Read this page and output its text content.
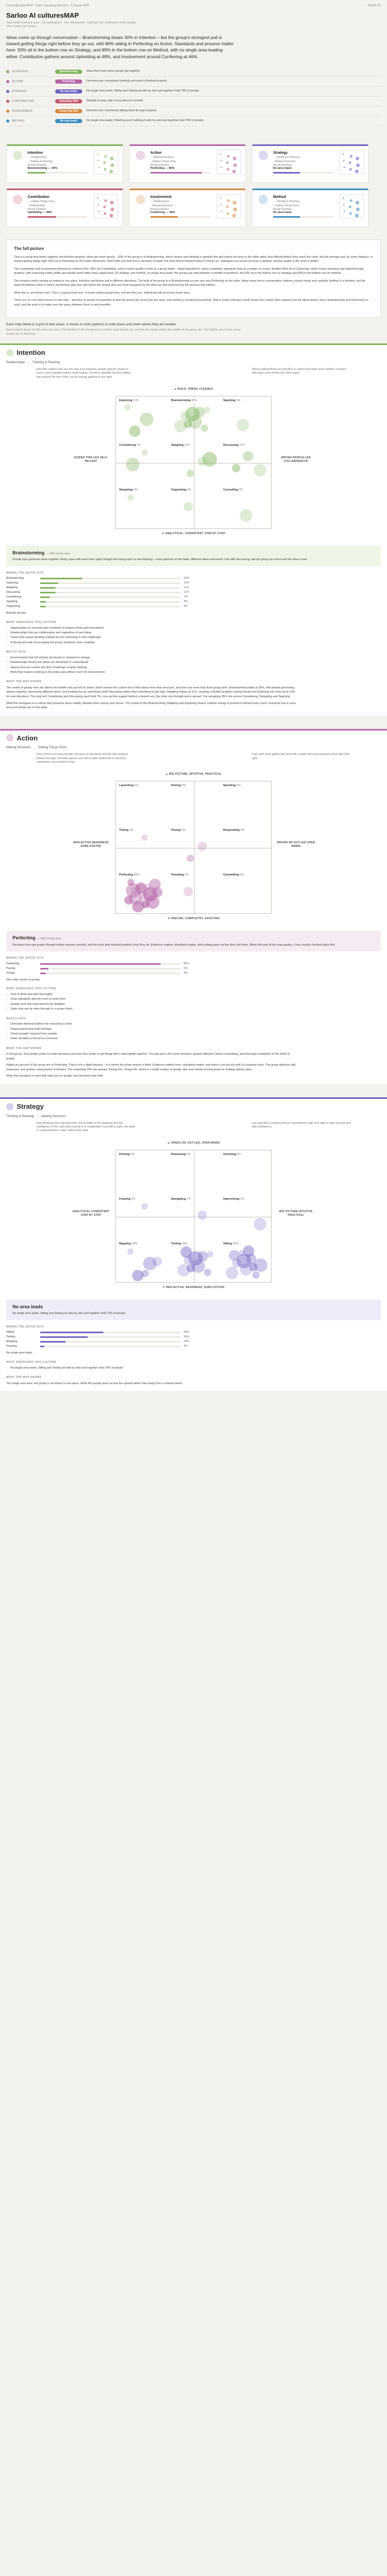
Sharon@cultureMAP · Team Operating Narrative · 8 August 2025	RESULTS
Sarloo AI culturesMAP
Team-wide tendency scan · 116 participants · four dimensions · built from the conference of the people
View Guide Full Survey
Ideas come up through conversation – Brainstorming draws 30% in Intention – but the group's strongest pull is toward getting things right before they go out, with 86% sitting in Perfecting on Action. Standards and process matter here: 93% sit in the bottom row on Strategy, and 89% in the bottom row on Method, with no single area leading either. Contribution gathers around Upholding at 48%, and Involvement around Conferring at 46%.
INTENTION	Brainstorming	Ideas flow freely when people get together
ACTION	Perfecting	Decisions are considered carefully and work is finished properly
STRATEGY	No area leads	No single area leads; Sifting and Testing sit side by side and together hold 79% of people
CONTRIBUTION	Upholding 48%	Steadily to keep high on excellence's benefit
INVOLVEMENT	Conferring 46%	Decisions are reached by talking them through properly
METHOD	No area leads	No single area leads; Polishing and Crafting sit side by side and together hold 79% of people
Intention
↔ Relationships
↕ Thinking & Planning
Result summary
Brainstorming — 30%
Action
↔ Making Decisions
↕ Getting Things Done
Result summary
Perfecting — 86%
Strategy
↔ Thinking & Planning
↕ Making Decisions
Result summary
No area leads
Contribution
↔ Getting Things Done
↕ Relationships
Result summary
Upholding — 48%
Involvement
↔ Relationships
↕ Making Decisions
Result summary
Conferring — 46%
Method
↔ Thinking & Planning
↕ Getting Things Done
Result summary
No area leads
The full picture

This is a group that thinks together and finishes properly. Ideas get aired openly – 30% of the group is in Brainstorming, which means new thinking is sparked live and tested out loud on the table rather than filtered before they reach the room. But the stronger pull, by some distance, is toward getting things right: 86% sit in Perfecting on the action dimension, which tells you that once a decision is made, the work will be finished before it moves on. Standards are sound, process is applied, and the quality of the work is visible.

The contribution and involvement dimensions reinforce this: 48% sit in Upholding, which means quality is held as a group belief – detail attended to, tasks completed, standards kept as a matter of course. Another 46% sit in Conferring, which means decisions get talked through properly, with reasoning made visible and doubts aired rather than suppressed. On strategy and method, no single area leads: the groups are split between a handful of positions, but 93% sit in the bottom row on strategy and 89% in the bottom row on method.

The tensions worth naming sit mainly in one place: Intention and Action pull in different directions. The bulk of the group is in Brainstorming on one axis and Perfecting on the other. Ideas move fast in conversation; delivery moves slowly and carefully. Neither is a problem, but the hand-off between them is where momentum gets lost, and where the people who are most energised by the idea can feel held back by the process that follows.

What this is, and what it isn't. This is a group-level lens. It shows where people lean, not who they are. Individuals will sit across every area.

There are no core blind corners in this map – attention is spread in proportion to how the group sits across the two axes, and nothing is avoided beyond that. That is worth noticing in itself: teams this careful often squeeze out the ideas phase. Here, Brainstorming and Perfecting co-exist, and the work is to make sure the space between them is well-travelled.

Each map below is a grid of nine areas. It shows in-room patterns in solid areas and lower where they are weaker.
Every map is drawn on the same two axes. The shadow in the background is where most people are, and the dot shows where the middle of the group sits. The bubble size is how many people are in that area.
Intention
Relationships ↔ Thinking & Planning
How this culture sets out: the way it an between people and the shape of every curve together before work begins. Crowd is appetite and the talking has earned the top of this, social energy gathers to the right.
Where talking flows out and fill in a culture that learn from neither. It begins with open eyes before the work starts.
▲ BUILD, FRESH, FLEXIBLE
▼ ANALYTICAL, CONSISTENT, STEP BY STEP
GUIDED THIN LED SELF-RELIANT
DRIVEN PEOPLE-LED COLLABORATIVE
Exploring 13%	Brainstorming 30%	Sparking 4%
Considering 7%	Adapting 11%	Discussing 11%
Steadying 2%	Organising 4%	Consulting 2%
Brainstorming — 30% of the view

People here generate ideas together. Being open with each other spills straight into being open to new thinking – most opinions on the table, different views welcomed. Like with discussing, talk the group at a more and the ideas cross.

WHERE THE GROUP SITS
Brainstorming	30%
Exploring	13%
Adapting	11%
Discussing	11%
Considering	7%
Sparking	4%
Organising	4%
Broadly spread
WHAT ENERGISES THIS CULTURE
• Opportunities to innovate and contribute to progress that push boundaries
• Relationships that are collaborative and supportive of next ideas
• Teams that reason thinking outside the box and bring in new challenges
• A strong and safe encouraging the group, produces more creativity
WATCH OUTS
• Environments that left entirely structured or resistant to change
• Relationships where new ideas are dismissed or undervalued
• Spaces that are routine and don't challenge creative thinking
• Work that requires sticking to the status quo without room for improvement
WHAT THE MAP SHOWS
The centre of gravity here sits above the middle and just left of centre, which means this culture led in their ideas more than structure, and from see more than from group point. Brainstorming leads at 30%, with people generating options together, welcoming different views, and treating live an something worth discussing rather than something to get right. Adapting follows at 11%, showing a flexible problem solving streak and Exploring sits close by at 13% for new directions. The long tail: Considering and Discussing each hold 7%, nice put the support behind a shared rest, the other end through and a spread. The remaining 35% sits across Considering, Steadying and Sparking.
What this energises is a culture that produces ideas readily, debates them openly and moves. The sprawl of the Brainstorming, Adapting and Exploring means creative energy is present in almost every room. Everyone has a voice and most things are on the table.
Action
Making Decisions ↔ Getting Things Done
How choices become results: the pace of decisions and the way delivery follows through. Decision speed runs left to right, deliberate to decisive; completion rises bottom to top.
Care gets work gather last and bulk: results-led and experience find right and right.
▲ BIG PICTURE, INTUITIVE, PRACTICAL
▼ PRECISE, COMPLETIST, EXACTING
REFLECTIVE READINESS SURE-FOOTED
DRIVEN ON OUT-LED OPEN MINDS
Launching 0%	Driving 0%	Sprinting 0%
Timing 4%	Pacing 6%	Responding 0%
Perfecting 86%	Finishing 2%	Committing 0%
Perfecting — 86% of this view

Decisions here get proper thought before anyone commits, and the work gets finished properly once they do. Evidence matters, standards matter, and nothing goes out the door half done. When this part of the map speaks, it has usually checked twice first.

WHERE THE GROUP SITS
Perfecting	86%
Pacing	6%
Timing	4%
One clear centre of gravity
WHAT ENERGISES THIS CULTURE
• Time to think and plan thoroughly
• Clear standards and the room to meet them
• Quality work that lasts beyond the deadline
• Tasks that can be seen through to a proper finish
WATCH OUTS
• Demands delivered before the reasoning is done
• Requirements that shift mid-task
• 'Good enough' imposed from outside
• Roles decided or forced at a moment
WHAT THE MAP SHOWS
In this group, 3xxt people prefer to make decisions and how they prefer to get things done stand tightly together. The bad pull is the same direction: toward reflective, before committing, and thorough completion to the finish of quality.
Eighty-six percent of this group are in Perfecting. That is not a slight balance – it is where the whole picture is tilted. Evidence matters here, standards matter, and work is not put out until it is properly done. The group distrusts half-measures, and pushes, and practice of finishes. The remaining 14% are spread: Pacing 6%, Timing 4%, which is a small number of people who lean toward moving faster or holding options open.
What this energises is work that stays put on quality, and decisions that hold.
Strategy
Thinking & Planning ↔ Making Decisions
How thinking turns into direction: the breadth of the planning and the confidence of the calls that commit to it. Imaginative runs left to right, not quite in comprehensive order, rather than rank.
Low and left is analysis before commitment; high and right is data and gut and with confidence.
▲ HANDS ON, OUT-LED, OPEN MINDS
▼ REFLECTIVE, READINESS, SURE-FOOTED
ANALYTICAL CONSISTENT STEP BY STEP
BIG PICTURE INTUITIVE PRACTICAL
Priming 0%	Reasoning 0%	Inventing 0%
Framing 3%	Navigating 2%	Improvising 2%
Mapping 18%	Testing 34%	Sifting 45%
No area leads

No single area leads; Sifting and Testing sit side by side and together hold 79% of people.

WHERE THE GROUP SITS
Sifting	45%
Testing	34%
Mapping	18%
Framing	3%
No single area leads
WHAT ENERGISES THIS CULTURE
• No single area leads; Sifting and Testing sit side by side and together hold 79% of people
WHAT THE MAP SHOWS
The single area here; the group is not drawn to one place. What 4% people place across the spread rather than rising from a shared centre.
